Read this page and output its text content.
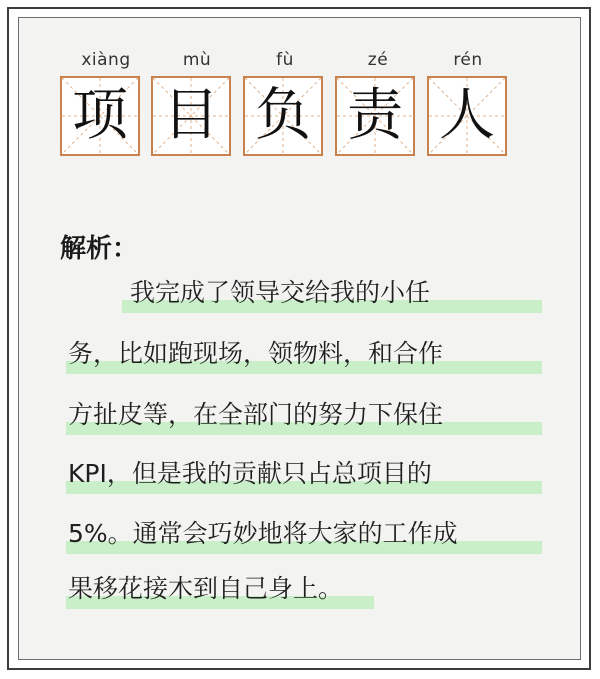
xiàng	mù	fù	zé	rén
项 目 负 责 人
解析：
我完成了领导交给我的小任
务，比如跑现场，领物料，和合作
方扯皮等，在全部门的努力下保住
KPI，但是我的贡献只占总项目的
5%。通常会巧妙地将大家的工作成
果移花接木到自己身上。
